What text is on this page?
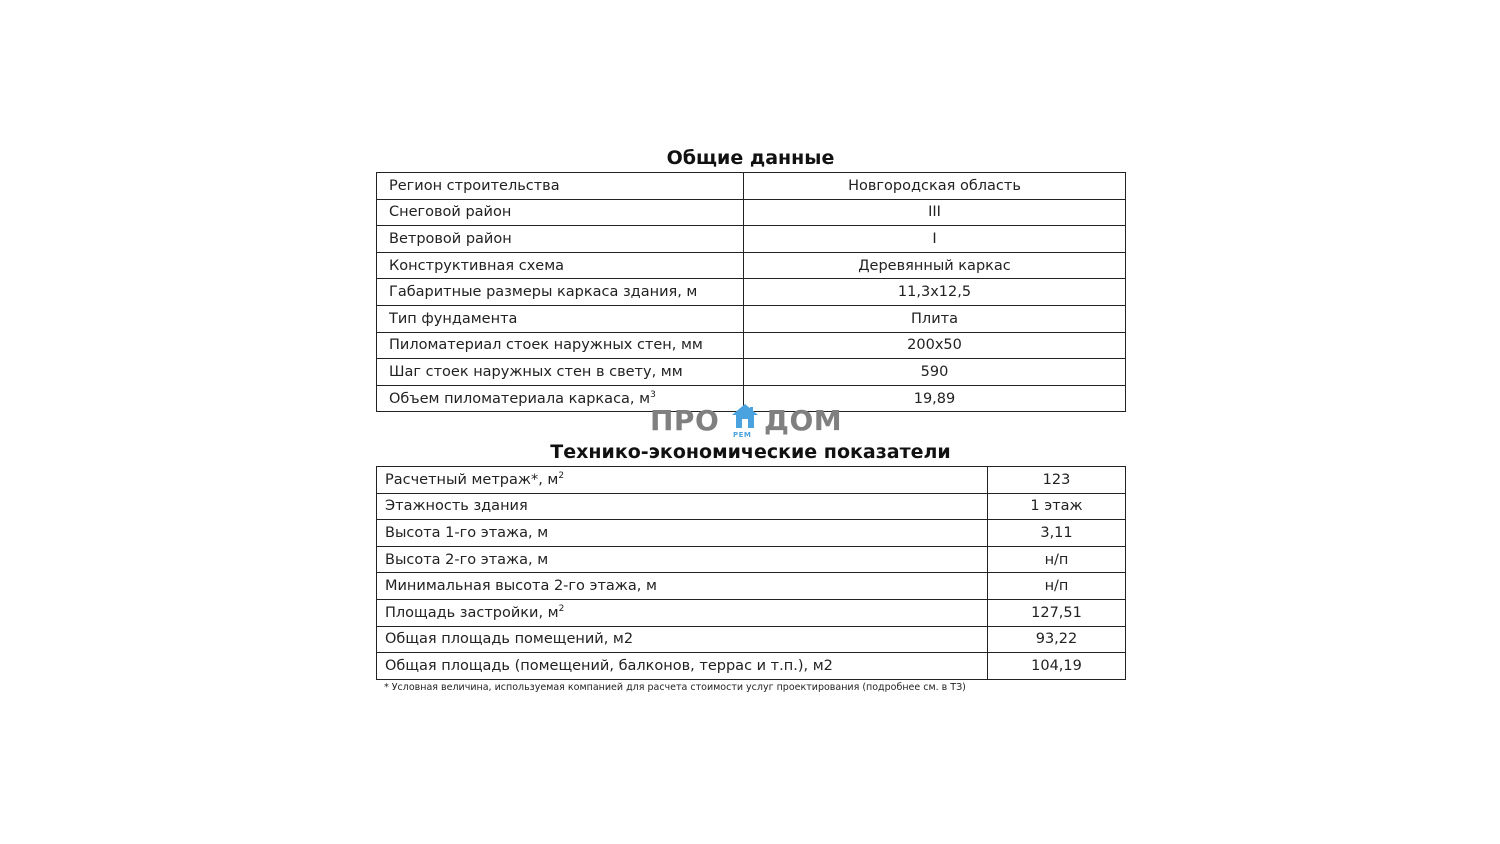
Общие данные
Регион строительства	Новгородская область
Снеговой район	III
Ветровой район	I
Конструктивная схема	Деревянный каркас
Габаритные размеры каркаса здания, м	11,3х12,5
Тип фундамента	Плита
Пиломатериал стоек наружных стен, мм	200х50
Шаг стоек наружных стен в свету, мм	590
Объем пиломатериала каркаса, $м^3$	19,89
ПРО РЕМ ДОМ
Технико-экономические показатели
Расчетный метраж*, $м^2$	123
Этажность здания	1 этаж
Высота 1-го этажа, м	3,11
Высота 2-го этажа, м	н/п
Минимальная высота 2-го этажа, м	н/п
Площадь застройки, $м^2$	127,51
Общая площадь помещений, м2	93,22
Общая площадь (помещений, балконов, террас и т.п.), м2	104,19
* Условная величина, используемая компанией для расчета стоимости услуг проектирования (подробнее см. в ТЗ)
